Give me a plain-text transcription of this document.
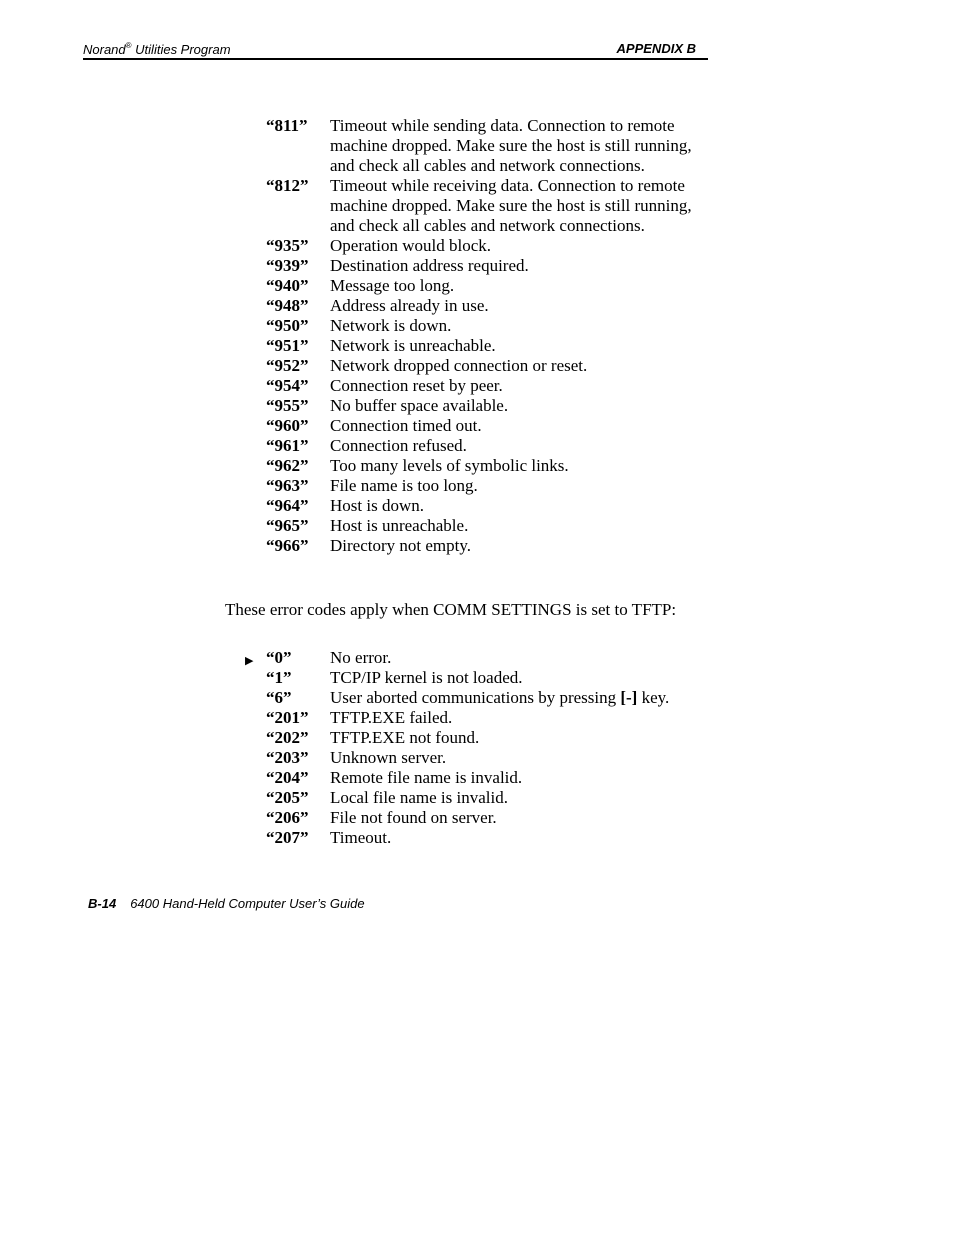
Norand® Utilities Program	APPENDIX B
“811”	Timeout while sending data. Connection to remote machine dropped. Make sure the host is still running, and check all cables and network connections.
“812”	Timeout while receiving data. Connection to remote machine dropped. Make sure the host is still running, and check all cables and network connections.
“935”	Operation would block.
“939”	Destination address required.
“940”	Message too long.
“948”	Address already in use.
“950”	Network is down.
“951”	Network is unreachable.
“952”	Network dropped connection or reset.
“954”	Connection reset by peer.
“955”	No buffer space available.
“960”	Connection timed out.
“961”	Connection refused.
“962”	Too many levels of symbolic links.
“963”	File name is too long.
“964”	Host is down.
“965”	Host is unreachable.
“966”	Directory not empty.
These error codes apply when COMM SETTINGS is set to TFTP:
▶ “0”	No error.
“1”	TCP/IP kernel is not loaded.
“6”	User aborted communications by pressing [-] key.
“201”	TFTP.EXE failed.
“202”	TFTP.EXE not found.
“203”	Unknown server.
“204”	Remote file name is invalid.
“205”	Local file name is invalid.
“206”	File not found on server.
“207”	Timeout.
B-14 6400 Hand-Held Computer User’s Guide
